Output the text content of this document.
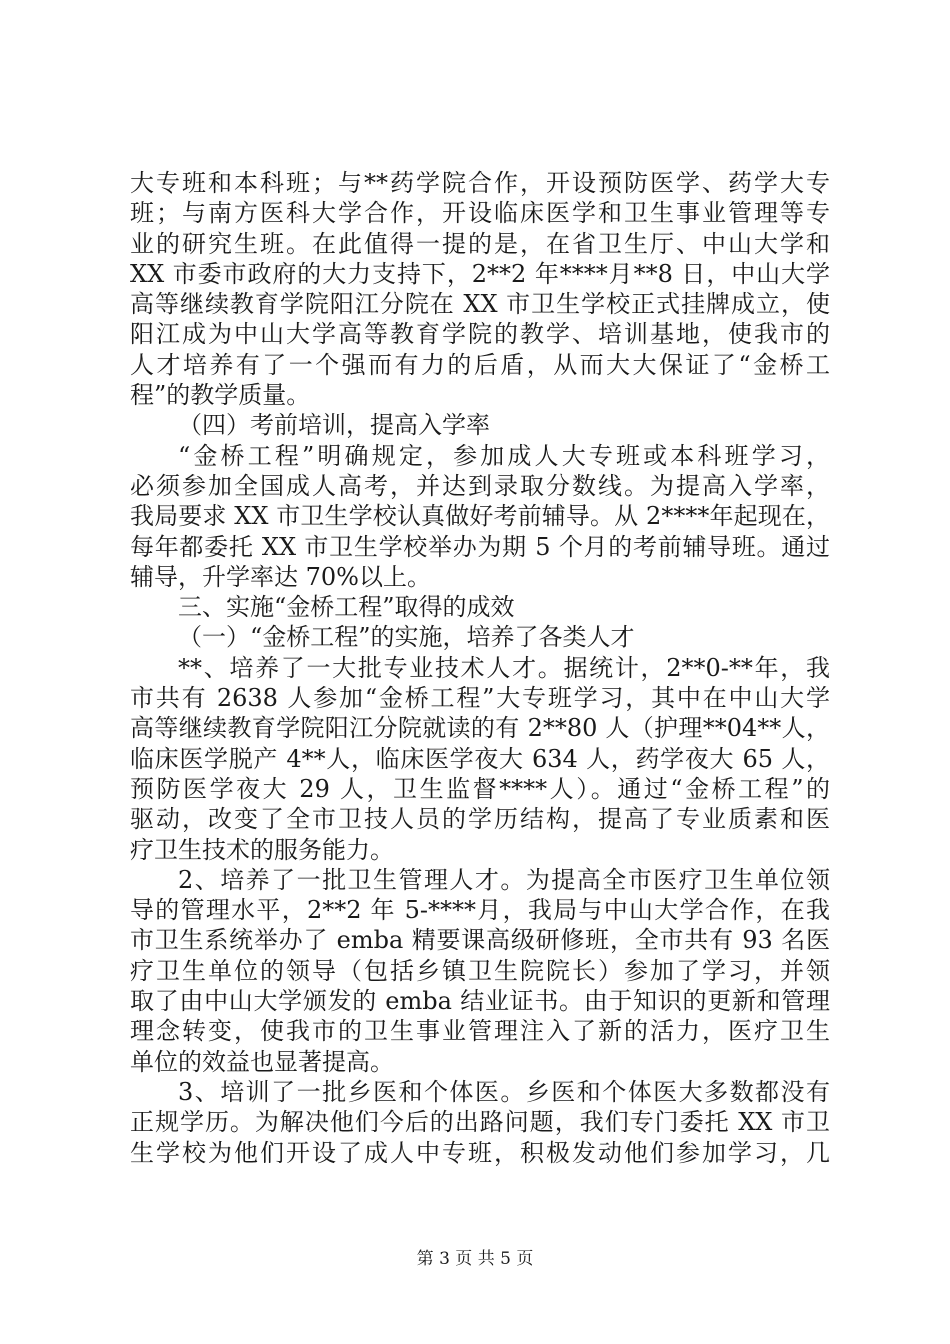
大专班和本科班；与**药学院合作，开设预防医学、药学大专
班；与南方医科大学合作，开设临床医学和卫生事业管理等专
业的研究生班。在此值得一提的是，在省卫生厅、中山大学和
XX 市委市政府的大力支持下，2**2 年****月**8 日，中山大学
高等继续教育学院阳江分院在 XX 市卫生学校正式挂牌成立，使
阳江成为中山大学高等教育学院的教学、培训基地，使我市的
人才培养有了一个强而有力的后盾，从而大大保证了“金桥工
程”的教学质量。
（四）考前培训，提高入学率
“金桥工程”明确规定，参加成人大专班或本科班学习，
必须参加全国成人高考，并达到录取分数线。为提高入学率，
我局要求 XX 市卫生学校认真做好考前辅导。从 2****年起现在，
每年都委托 XX 市卫生学校举办为期 5 个月的考前辅导班。通过
辅导，升学率达 70%以上。
三、实施“金桥工程”取得的成效
（一）“金桥工程”的实施，培养了各类人才
**、培养了一大批专业技术人才。据统计，2**0-**年，我
市共有 2638 人参加“金桥工程”大专班学习，其中在中山大学
高等继续教育学院阳江分院就读的有 2**80 人（护理**04**人，
临床医学脱产 4**人，临床医学夜大 634 人，药学夜大 65 人，
预防医学夜大 29 人，卫生监督****人）。通过“金桥工程”的
驱动，改变了全市卫技人员的学历结构，提高了专业质素和医
疗卫生技术的服务能力。
2、培养了一批卫生管理人才。为提高全市医疗卫生单位领
导的管理水平，2**2 年 5-****月，我局与中山大学合作，在我
市卫生系统举办了 emba 精要课高级研修班，全市共有 93 名医
疗卫生单位的领导（包括乡镇卫生院院长）参加了学习，并领
取了由中山大学颁发的 emba 结业证书。由于知识的更新和管理
理念转变，使我市的卫生事业管理注入了新的活力，医疗卫生
单位的效益也显著提高。
3、培训了一批乡医和个体医。乡医和个体医大多数都没有
正规学历。为解决他们今后的出路问题，我们专门委托 XX 市卫
生学校为他们开设了成人中专班，积极发动他们参加学习，几
第 3 页 共 5 页
